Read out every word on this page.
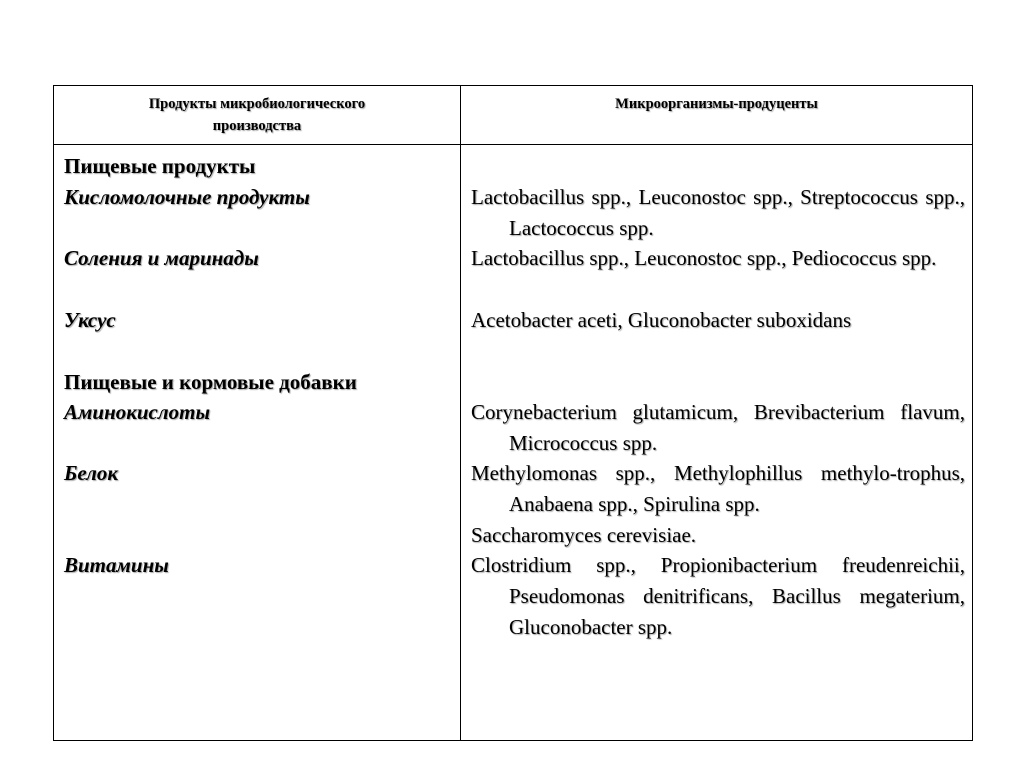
Продукты микробиологического производства
Микроорганизмы-продуценты
Пищевые продукты
Кисломолочные продукты
Соления и маринады
Уксус
Пищевые и кормовые добавки
Аминокислоты
Белок
Витамины
Lactobacillus spp., Leuconostoc spp., Streptococcus spp., Lactococcus spp.
Lactobacillus spp., Leuconostoc spp., Pediococcus spp.
Acetobacter aceti, Gluconobacter suboxidans
Corynebacterium glutamicum, Brevibacterium flavum, Micrococcus spp.
Methylomonas spp., Methylophillus methylo-trophus, Anabaena spp., Spirulina spp.
Saccharomyces cerevisiae.
Clostridium spp., Propionibacterium freudenreichii, Pseudomonas denitrificans, Bacillus megaterium, Gluconobacter spp.
